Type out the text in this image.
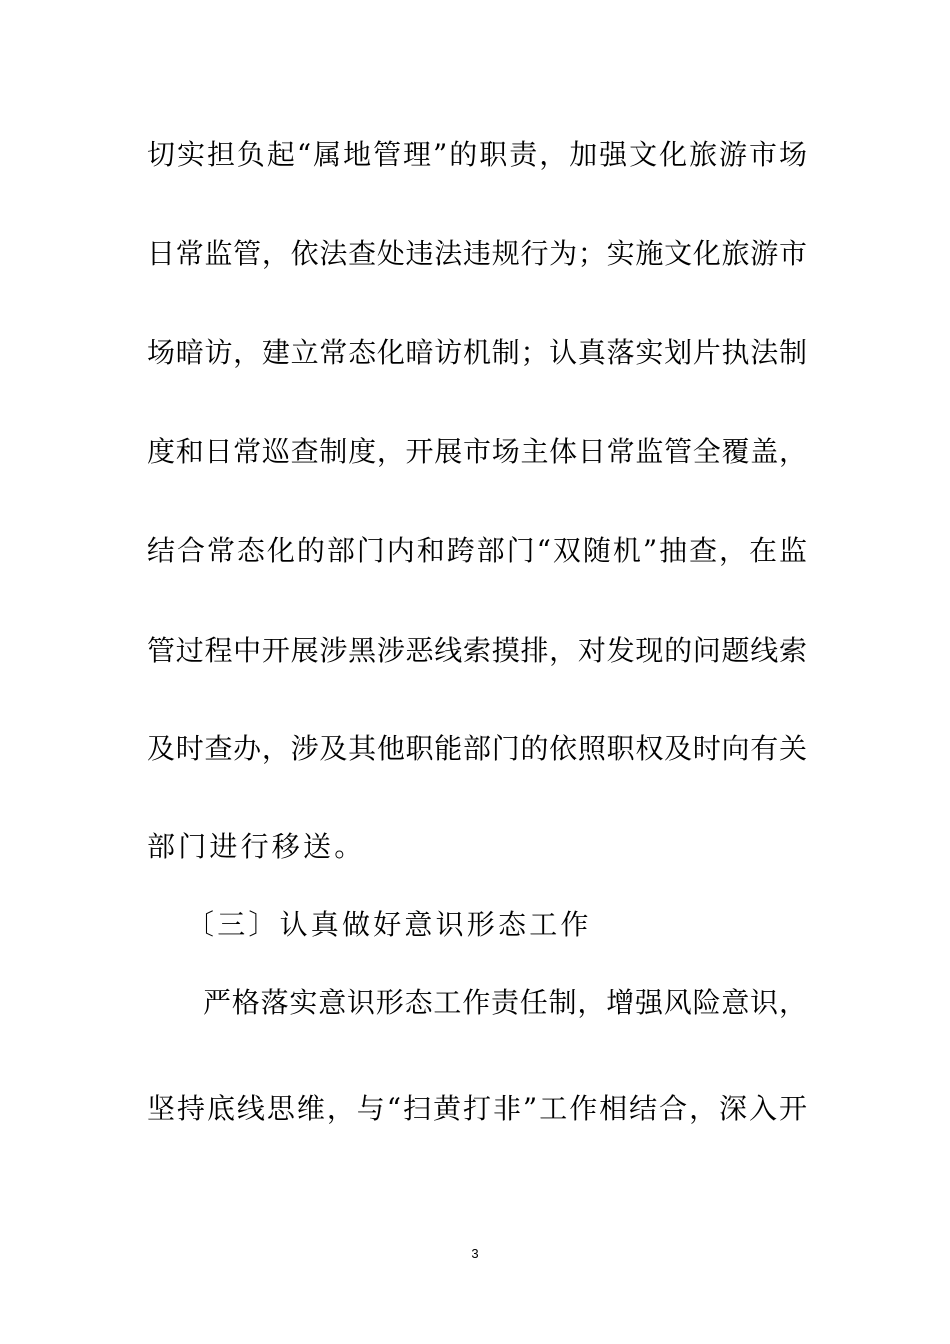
切实担负起“属地管理”的职责，加强文化旅游市场
日常监管，依法查处违法违规行为；实施文化旅游市
场暗访，建立常态化暗访机制；认真落实划片执法制
度和日常巡查制度，开展市场主体日常监管全覆盖，
结合常态化的部门内和跨部门“双随机”抽查，在监
管过程中开展涉黑涉恶线索摸排，对发现的问题线索
及时查办，涉及其他职能部门的依照职权及时向有关
部门进行移送。
〔三〕认真做好意识形态工作
严格落实意识形态工作责任制，增强风险意识，
坚持底线思维，与“扫黄打非”工作相结合，深入开
3
